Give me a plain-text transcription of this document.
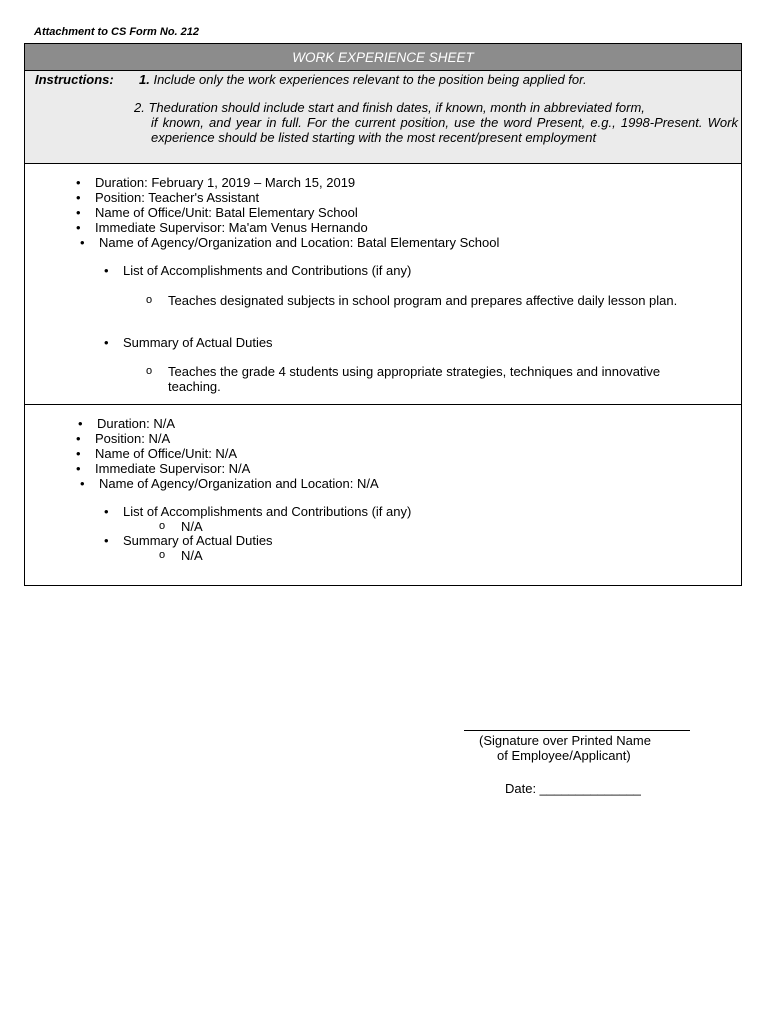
Attachment to CS Form No. 212
WORK EXPERIENCE SHEET
Instructions: 1. Include only the work experiences relevant to the position being applied for.
2. Theduration should include start and finish dates, if known, month in abbreviated form,
if known, and year in full. For the current position, use the word Present, e.g., 1998-Present. Work experience should be listed starting with the most recent/present employment
• Duration: February 1, 2019 – March 15, 2019
• Position: Teacher's Assistant
• Name of Office/Unit: Batal Elementary School
• Immediate Supervisor: Ma'am Venus Hernando
• Name of Agency/Organization and Location: Batal Elementary School
• List of Accomplishments and Contributions (if any)
o Teaches designated subjects in school program and prepares affective daily lesson plan.
• Summary of Actual Duties
o Teaches the grade 4 students using appropriate strategies, techniques and innovative teaching.
• Duration: N/A
• Position: N/A
• Name of Office/Unit: N/A
• Immediate Supervisor: N/A
• Name of Agency/Organization and Location: N/A
• List of Accomplishments and Contributions (if any)
o N/A
• Summary of Actual Duties
o N/A
(Signature over Printed Name
of Employee/Applicant)
Date: ______________
